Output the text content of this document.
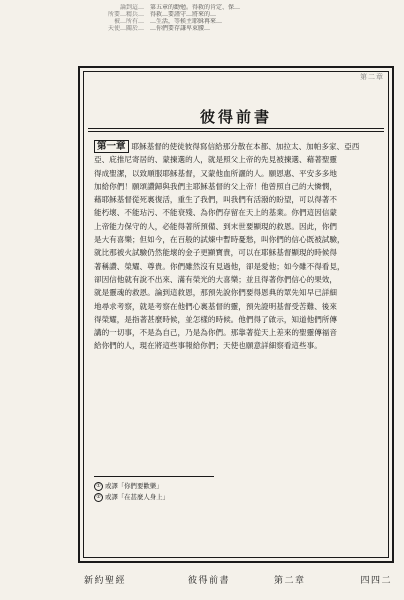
論到這…
所要…精兵…
被…所有…
天使…關於…
第五章的勸勉。得救的肯定、保…
得救…要謹守…將來的…
…生活，等候主耶穌再來…
…你們要存謙卑束腰…
第二章
彼得前書
第一章 耶穌基督的使徒彼得寫信給那分散在本都、加拉太、加帕多家、亞西
亞、庇推尼寄居的、蒙揀選的人，就是照父上帝的先見被揀選、藉著聖靈
得成聖潔，以致順服耶穌基督，又蒙他血所灑的人。願恩惠、平安多多地
加給你們！願頌讚歸與我們主耶穌基督的父上帝！他曾照自己的大憐憫，
藉耶穌基督從死裏復活，重生了我們，叫我們有活潑的盼望，可以得著不
能朽壞、不能玷污、不能衰殘、為你們存留在天上的基業。你們這因信蒙
上帝能力保守的人，必能得著所預備、到末世要顯現的救恩。因此，你們
是大有喜樂；但如今，在百般的試煉中暫時憂愁，叫你們的信心既被試驗，
就比那被火試驗仍然能壞的金子更顯寶貴，可以在耶穌基督顯現的時候得
著稱讚、榮耀、尊貴。你們雖然沒有見過他，卻是愛他；如今雖不得看見，
卻因信他就有說不出來、滿有榮光的大喜樂；並且得著你們信心的果效，
就是靈魂的救恩。論到這救恩，那預先說你們要得恩典的眾先知早已詳細
地尋求考察，就是考察在他們心裏基督的靈，預先證明基督受苦難、後來
得榮耀，是指著甚麼時候，並怎樣的時候。他們得了啟示，知道他們所傳
講的一切事，不是為自己，乃是為你們。那靠著從天上差來的聖靈傳福音
給你們的人，現在將這些事報給你們；天使也願意詳細察看這些事。
① 或譯「你們要歡樂」
② 或譯「在甚麼人身上」
新約聖經	彼得前書	第二章	四四二
